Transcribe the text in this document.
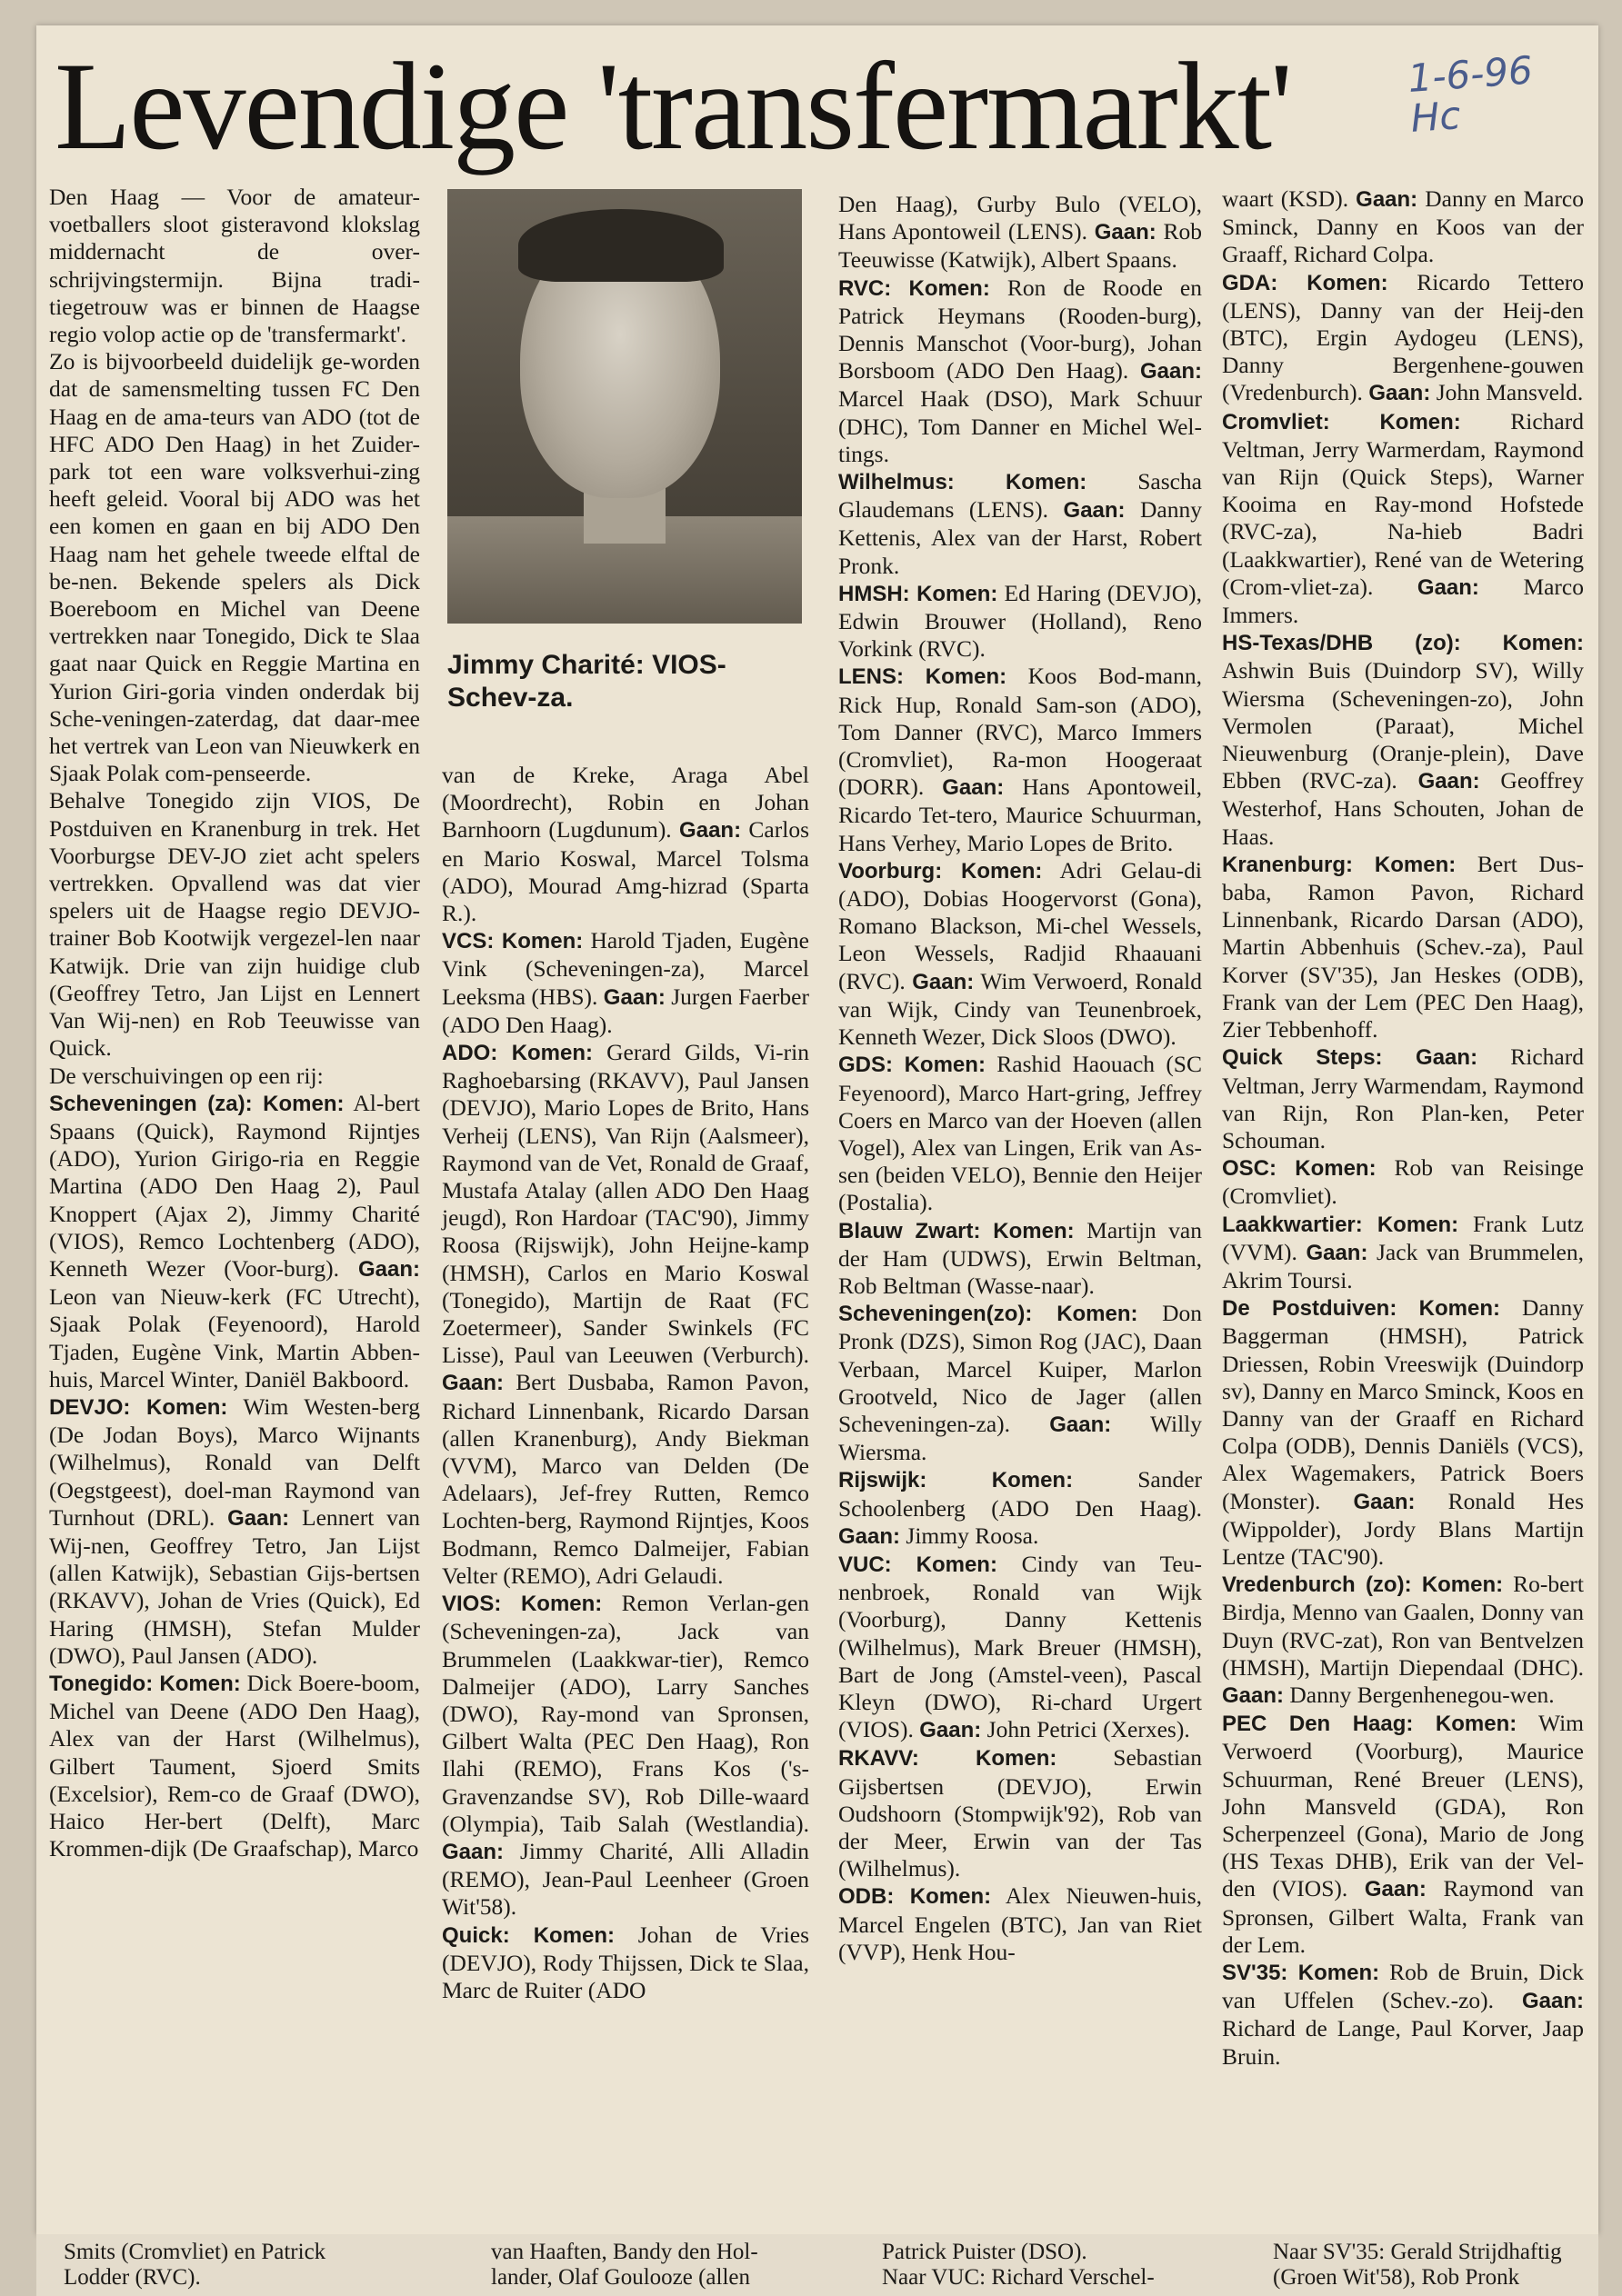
Levendige 'transfermarkt'	1-6-96 Hc

Den Haag — Voor de amateur-voetballers sloot gisteravond klokslag middernacht de over-schrijvingstermijn. Bijna tradi-tiegetrouw was er binnen de Haagse regio volop actie op de 'transfermarkt'.

Zo is bijvoorbeeld duidelijk ge-worden dat de samensmelting tussen FC Den Haag en de ama-teurs van ADO (tot de HFC ADO Den Haag) in het Zuider-park tot een ware volksverhui-zing heeft geleid. Vooral bij ADO was het een komen en gaan en bij ADO Den Haag nam het gehele tweede elftal de be-nen. Bekende spelers als Dick Boereboom en Michel van Deene vertrekken naar Tonegido, Dick te Slaa gaat naar Quick en Reggie Martina en Yurion Giri-goria vinden onderdak bij Sche-veningen-zaterdag, dat daar-mee het vertrek van Leon van Nieuwkerk en Sjaak Polak com-penseerde.

Behalve Tonegido zijn VIOS, De Postduiven en Kranenburg in trek. Het Voorburgse DEV-JO ziet acht spelers vertrekken. Opvallend was dat vier spelers uit de Haagse regio DEVJO-trainer Bob Kootwijk vergezel-len naar Katwijk. Drie van zijn huidige club (Geoffrey Tetro, Jan Lijst en Lennert Van Wij-nen) en Rob Teeuwisse van Quick.

De verschuivingen op een rij:

Scheveningen (za): Komen: Al-bert Spaans (Quick), Raymond Rijntjes (ADO), Yurion Girigo-ria en Reggie Martina (ADO Den Haag 2), Paul Knoppert (Ajax 2), Jimmy Charité (VIOS), Remco Lochtenberg (ADO), Kenneth Wezer (Voor-burg). Gaan: Leon van Nieuw-kerk (FC Utrecht), Sjaak Polak (Feyenoord), Harold Tjaden, Eugène Vink, Martin Abben-huis, Marcel Winter, Daniël Bakboord.

DEVJO: Komen: Wim Westen-berg (De Jodan Boys), Marco Wijnants (Wilhelmus), Ronald van Delft (Oegstgeest), doel-man Raymond van Turnhout (DRL). Gaan: Lennert van Wij-nen, Geoffrey Tetro, Jan Lijst (allen Katwijk), Sebastian Gijs-bertsen (RKAVV), Johan de Vries (Quick), Ed Haring (HMSH), Stefan Mulder (DWO), Paul Jansen (ADO).

Tonegido: Komen: Dick Boere-boom, Michel van Deene (ADO Den Haag), Alex van der Harst (Wilhelmus), Gilbert Taument, Sjoerd Smits (Excelsior), Rem-co de Graaf (DWO), Haico Her-bert (Delft), Marc Krommen-dijk (De Graafschap), Marco

Jimmy Charité: VIOS-Schev-za.

van de Kreke, Araga Abel (Moordrecht), Robin en Johan Barnhoorn (Lugdunum). Gaan: Carlos en Mario Koswal, Marcel Tolsma (ADO), Mourad Amg-hizrad (Sparta R.).

VCS: Komen: Harold Tjaden, Eugène Vink (Scheveningen-za), Marcel Leeksma (HBS). Gaan: Jurgen Faerber (ADO Den Haag).

ADO: Komen: Gerard Gilds, Vi-rin Raghoebarsing (RKAVV), Paul Jansen (DEVJO), Mario Lopes de Brito, Hans Verheij (LENS), Van Rijn (Aalsmeer), Raymond van de Vet, Ronald de Graaf, Mustafa Atalay (allen ADO Den Haag jeugd), Ron Hardoar (TAC'90), Jimmy Roosa (Rijswijk), John Heijne-kamp (HMSH), Carlos en Mario Koswal (Tonegido), Martijn de Raat (FC Zoetermeer), Sander Swinkels (FC Lisse), Paul van Leeuwen (Verburch). Gaan: Bert Dusbaba, Ramon Pavon, Richard Linnenbank, Ricardo Darsan (allen Kranenburg), Andy Biekman (VVM), Marco van Delden (De Adelaars), Jef-frey Rutten, Remco Lochten-berg, Raymond Rijntjes, Koos Bodmann, Remco Dalmeijer, Fabian Velter (REMO), Adri Gelaudi.

VIOS: Komen: Remon Verlan-gen (Scheveningen-za), Jack van Brummelen (Laakkwar-tier), Remco Dalmeijer (ADO), Larry Sanches (DWO), Ray-mond van Spronsen, Gilbert Walta (PEC Den Haag), Ron Ilahi (REMO), Frans Kos ('s-Gravenzandse SV), Rob Dille-waard (Olympia), Taib Salah (Westlandia). Gaan: Jimmy Charité, Alli Alladin (REMO), Jean-Paul Leenheer (Groen Wit'58).

Quick: Komen: Johan de Vries (DEVJO), Rody Thijssen, Dick te Slaa, Marc de Ruiter (ADO

Den Haag), Gurby Bulo (VELO), Hans Apontoweil (LENS). Gaan: Rob Teeuwisse (Katwijk), Albert Spaans.

RVC: Komen: Ron de Roode en Patrick Heymans (Rooden-burg), Dennis Manschot (Voor-burg), Johan Borsboom (ADO Den Haag). Gaan: Marcel Haak (DSO), Mark Schuur (DHC), Tom Danner en Michel Wel-tings.

Wilhelmus: Komen: Sascha Glaudemans (LENS). Gaan: Danny Kettenis, Alex van der Harst, Robert Pronk.

HMSH: Komen: Ed Haring (DEVJO), Edwin Brouwer (Holland), Reno Vorkink (RVC).

LENS: Komen: Koos Bod-mann, Rick Hup, Ronald Sam-son (ADO), Tom Danner (RVC), Marco Immers (Cromvliet), Ra-mon Hoogeraat (DORR). Gaan: Hans Apontoweil, Ricardo Tet-tero, Maurice Schuurman, Hans Verhey, Mario Lopes de Brito.

Voorburg: Komen: Adri Gelau-di (ADO), Dobias Hoogervorst (Gona), Romano Blackson, Mi-chel Wessels, Leon Wessels, Radjid Rhaauani (RVC). Gaan: Wim Verwoerd, Ronald van Wijk, Cindy van Teunenbroek, Kenneth Wezer, Dick Sloos (DWO).

GDS: Komen: Rashid Haouach (SC Feyenoord), Marco Hart-gring, Jeffrey Coers en Marco van der Hoeven (allen Vogel), Alex van Lingen, Erik van As-sen (beiden VELO), Bennie den Heijer (Postalia).

Blauw Zwart: Komen: Martijn van der Ham (UDWS), Erwin Beltman, Rob Beltman (Wasse-naar).

Scheveningen(zo): Komen: Don Pronk (DZS), Simon Rog (JAC), Daan Verbaan, Marcel Kuiper, Marlon Grootveld, Nico de Jager (allen Scheveningen-za). Gaan: Willy Wiersma.

Rijswijk: Komen: Sander Schoolenberg (ADO Den Haag). Gaan: Jimmy Roosa.

VUC: Komen: Cindy van Teu-nenbroek, Ronald van Wijk (Voorburg), Danny Kettenis (Wilhelmus), Mark Breuer (HMSH), Bart de Jong (Amstel-veen), Pascal Kleyn (DWO), Ri-chard Urgert (VIOS). Gaan: John Petrici (Xerxes).

RKAVV: Komen: Sebastian Gijsbertsen (DEVJO), Erwin Oudshoorn (Stompwijk'92), Rob van der Meer, Erwin van der Tas (Wilhelmus).

ODB: Komen: Alex Nieuwen-huis, Marcel Engelen (BTC), Jan van Riet (VVP), Henk Hou-

waart (KSD). Gaan: Danny en Marco Sminck, Danny en Koos van der Graaff, Richard Colpa.

GDA: Komen: Ricardo Tettero (LENS), Danny van der Heij-den (BTC), Ergin Aydogeu (LENS), Danny Bergenhene-gouwen (Vredenburch). Gaan: John Mansveld.

Cromvliet: Komen: Richard Veltman, Jerry Warmerdam, Raymond van Rijn (Quick Steps), Warner Kooima en Ray-mond Hofstede (RVC-za), Na-hieb Badri (Laakkwartier), René van de Wetering (Crom-vliet-za). Gaan: Marco Immers.

HS-Texas/DHB (zo): Komen: Ashwin Buis (Duindorp SV), Willy Wiersma (Scheveningen-zo), John Vermolen (Paraat), Michel Nieuwenburg (Oranje-plein), Dave Ebben (RVC-za). Gaan: Geoffrey Westerhof, Hans Schouten, Johan de Haas.

Kranenburg: Komen: Bert Dus-baba, Ramon Pavon, Richard Linnenbank, Ricardo Darsan (ADO), Martin Abbenhuis (Schev.-za), Paul Korver (SV'35), Jan Heskes (ODB), Frank van der Lem (PEC Den Haag), Zier Tebbenhoff.

Quick Steps: Gaan: Richard Veltman, Jerry Warmendam, Raymond van Rijn, Ron Plan-ken, Peter Schouman.

OSC: Komen: Rob van Reisinge (Cromvliet).

Laakkwartier: Komen: Frank Lutz (VVM). Gaan: Jack van Brummelen, Akrim Toursi.

De Postduiven: Komen: Danny Baggerman (HMSH), Patrick Driessen, Robin Vreeswijk (Duindorp sv), Danny en Marco Sminck, Koos en Danny van der Graaff en Richard Colpa (ODB), Dennis Daniëls (VCS), Alex Wagemakers, Patrick Boers (Monster). Gaan: Ronald Hes (Wippolder), Jordy Blans Martijn Lentze (TAC'90).

Vredenburch (zo): Komen: Ro-bert Birdja, Menno van Gaalen, Donny van Duyn (RVC-zat), Ron van Bentvelzen (HMSH), Martijn Diependaal (DHC). Gaan: Danny Bergenhenegou-wen.

PEC Den Haag: Komen: Wim Verwoerd (Voorburg), Maurice Schuurman, René Breuer (LENS), John Mansveld (GDA), Ron Scherpenzeel (Gona), Mario de Jong (HS Texas DHB), Erik van der Vel-den (VIOS). Gaan: Raymond van Spronsen, Gilbert Walta, Frank van der Lem.

SV'35: Komen: Rob de Bruin, Dick van Uffelen (Schev.-zo). Gaan: Richard de Lange, Paul Korver, Jaap Bruin.

Smits (Cromvliet) en Patrick
Lodder (RVC).
van Haaften, Bandy den Hol-
lander, Olaf Goulooze (allen
Patrick Puister (DSO).
Naar VUC: Richard Verschel-
Naar SV'35: Gerald Strijdhaftig
(Groen Wit'58), Rob Pronk
